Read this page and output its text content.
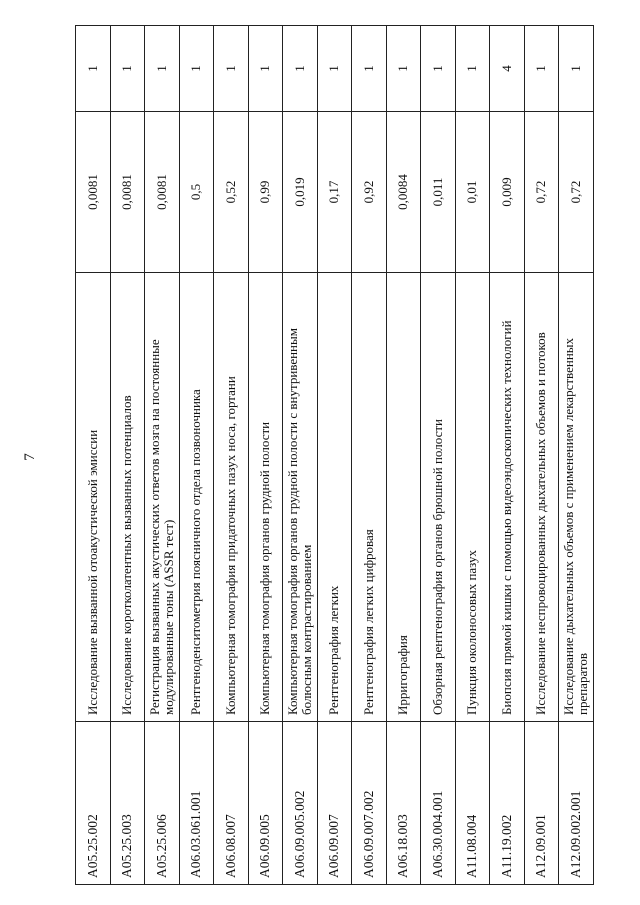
7
A05.25.002	Исследование вызванной отоакустической эмиссии	0,0081	1
A05.25.003	Исследование коротколатентных вызванных потенциалов	0,0081	1
A05.25.006	Регистрация вызванных акустических ответов мозга на постоянные модулированные тоны (ASSR тест)	0,0081	1
A06.03.061.001	Рентгеноденситометрия поясничного отдела позвоночника	0,5	1
A06.08.007	Компьютерная томография придаточных пазух носа, гортани	0,52	1
A06.09.005	Компьютерная томография органов грудной полости	0,99	1
A06.09.005.002	Компьютерная томография органов грудной полости с внутривенным болюсным контрастированием	0,019	1
A06.09.007	Рентгенография легких	0,17	1
A06.09.007.002	Рентгенография легких цифровая	0,92	1
A06.18.003	Ирригография	0,0084	1
A06.30.004.001	Обзорная рентгенография органов брюшной полости	0,011	1
A11.08.004	Пункция околоносовых пазух	0,01	1
A11.19.002	Биопсия прямой кишки с помощью видеоэндоскопических технологий	0,009	4
A12.09.001	Исследование неспровоцированных дыхательных объемов и потоков	0,72	1
A12.09.002.001	Исследование дыхательных объемов с применением лекарственных препаратов	0,72	1
